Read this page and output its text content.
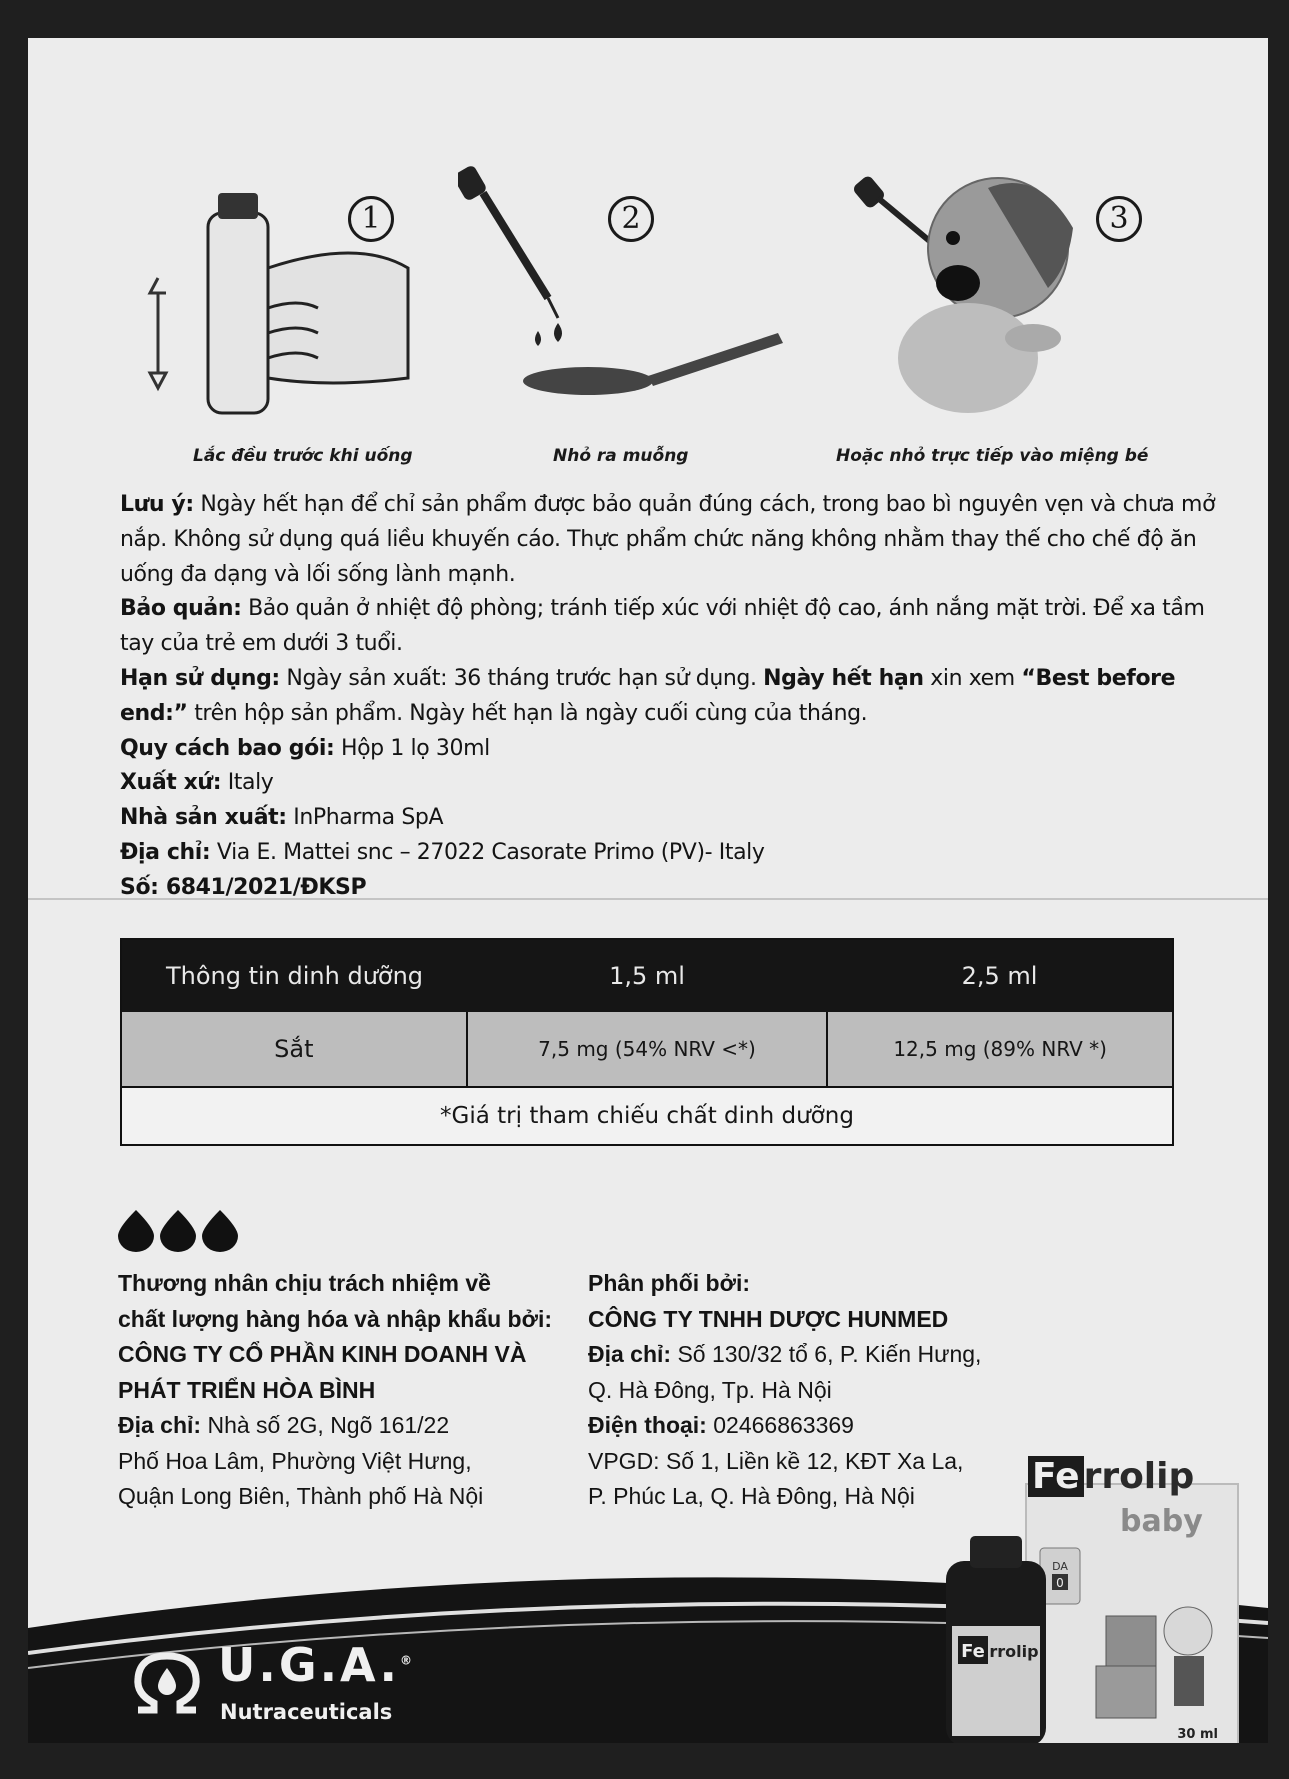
1
Lắc đều trước khi uống
2
Nhỏ ra muỗng
3
Hoặc nhỏ trực tiếp vào miệng bé

Lưu ý: Ngày hết hạn để chỉ sản phẩm được bảo quản đúng cách, trong bao bì nguyên vẹn và chưa mở nắp. Không sử dụng quá liều khuyến cáo. Thực phẩm chức năng không nhằm thay thế cho chế độ ăn uống đa dạng và lối sống lành mạnh.

Bảo quản: Bảo quản ở nhiệt độ phòng; tránh tiếp xúc với nhiệt độ cao, ánh nắng mặt trời. Để xa tầm tay của trẻ em dưới 3 tuổi.

Hạn sử dụng: Ngày sản xuất: 36 tháng trước hạn sử dụng. Ngày hết hạn xin xem “Best before end:” trên hộp sản phẩm. Ngày hết hạn là ngày cuối cùng của tháng.

Quy cách bao gói: Hộp 1 lọ 30ml

Xuất xứ: Italy

Nhà sản xuất: InPharma SpA

Địa chỉ: Via E. Mattei snc – 27022 Casorate Primo (PV)- Italy

Số: 6841/2021/ĐKSP

Thông tin dinh dưỡng	1,5 ml	2,5 ml
Sắt	7,5 mg (54% NRV <*)	12,5 mg (89% NRV *)
*Giá trị tham chiếu chất dinh dưỡng
Thương nhân chịu trách nhiệm về
chất lượng hàng hóa và nhập khẩu bởi:
CÔNG TY CỔ PHẦN KINH DOANH VÀ
PHÁT TRIỂN HÒA BÌNH
Địa chỉ: Nhà số 2G, Ngõ 161/22
Phố Hoa Lâm, Phường Việt Hưng,
Quận Long Biên, Thành phố Hà Nội
Phân phối bởi:
CÔNG TY TNHH DƯỢC HUNMED
Địa chỉ: Số 130/32 tổ 6, P. Kiến Hưng,
Q. Hà Đông, Tp. Hà Nội
Điện thoại: 02466863369
VPGD: Số 1, Liền kề 12, KĐT Xa La,
P. Phúc La, Q. Hà Đông, Hà Nội
U.G.A.®
Nutraceuticals
DA
0
Fe rrolip
30 ml
Fe rrolip
baby
